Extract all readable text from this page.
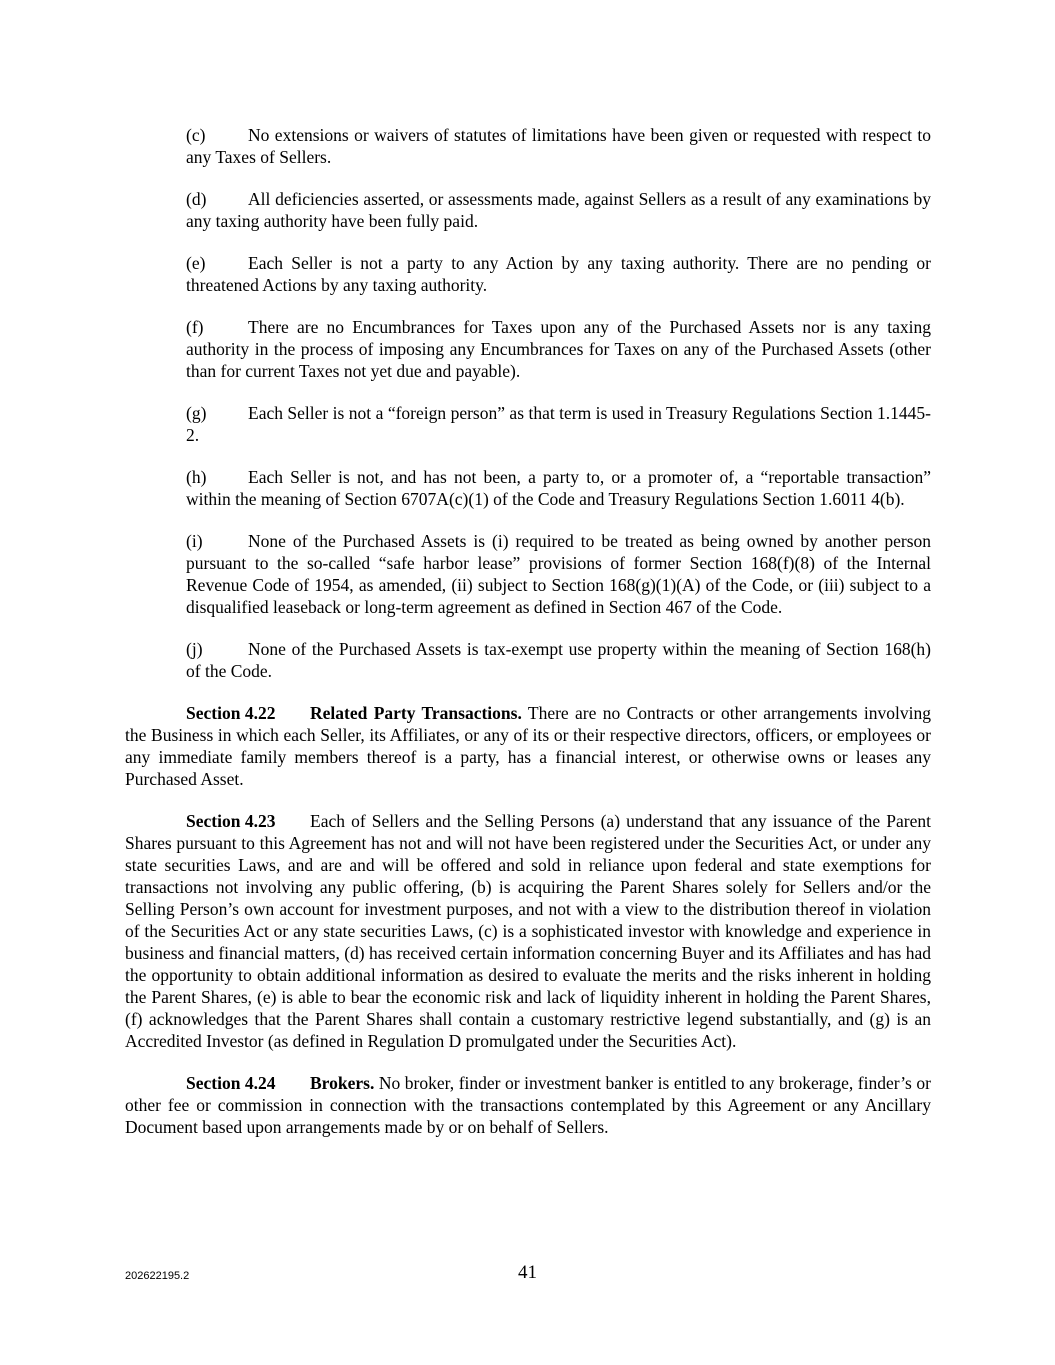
(c) No extensions or waivers of statutes of limitations have been given or requested with respect to any Taxes of Sellers.

(d) All deficiencies asserted, or assessments made, against Sellers as a result of any examinations by any taxing authority have been fully paid.

(e) Each Seller is not a party to any Action by any taxing authority. There are no pending or threatened Actions by any taxing authority.

(f)	There are no Encumbrances for Taxes upon any of the Purchased Assets nor is any taxing authority in the process of imposing any Encumbrances for Taxes on any of the Purchased Assets (other than for current Taxes not yet due and payable).

(g) Each Seller is not a “foreign person” as that term is used in Treasury Regulations Section 1.1445-2.

(h) Each Seller is not, and has not been, a party to, or a promoter of, a “reportable transaction” within the meaning of Section 6707A(c)(1) of the Code and Treasury Regulations Section 1.6011 4(b).

(i)	None of the Purchased Assets is (i) required to be treated as being owned by another person pursuant to the so-called “safe harbor lease” provisions of former Section 168(f)(8) of the Internal Revenue Code of 1954, as amended, (ii) subject to Section 168(g)(1)(A) of the Code, or (iii) subject to a disqualified leaseback or long-term agreement as defined in Section 467 of the Code.

(j)	None of the Purchased Assets is tax-exempt use property within the meaning of Section 168(h) of the Code.

Section 4.22 Related Party Transactions. There are no Contracts or other arrangements involving the Business in which each Seller, its Affiliates, or any of its or their respective directors, officers, or employees or any immediate family members thereof is a party, has a financial interest, or otherwise owns or leases any Purchased Asset.

Section 4.23 Each of Sellers and the Selling Persons (a) understand that any issuance of the Parent Shares pursuant to this Agreement has not and will not have been registered under the Securities Act, or under any state securities Laws, and are and will be offered and sold in reliance upon federal and state exemptions for transactions not involving any public offering, (b) is acquiring the Parent Shares solely for Sellers and/or the Selling Person’s own account for investment purposes, and not with a view to the distribution thereof in violation of the Securities Act or any state securities Laws, (c) is a sophisticated investor with knowledge and experience in business and financial matters, (d) has received certain information concerning Buyer and its Affiliates and has had the opportunity to obtain additional information as desired to evaluate the merits and the risks inherent in holding the Parent Shares, (e) is able to bear the economic risk and lack of liquidity inherent in holding the Parent Shares, (f) acknowledges that the Parent Shares shall contain a customary restrictive legend substantially, and (g) is an Accredited Investor (as defined in Regulation D promulgated under the Securities Act).

Section 4.24 Brokers. No broker, finder or investment banker is entitled to any brokerage, finder’s or other fee or commission in connection with the transactions contemplated by this Agreement or any Ancillary Document based upon arrangements made by or on behalf of Sellers.

202622195.2	41
